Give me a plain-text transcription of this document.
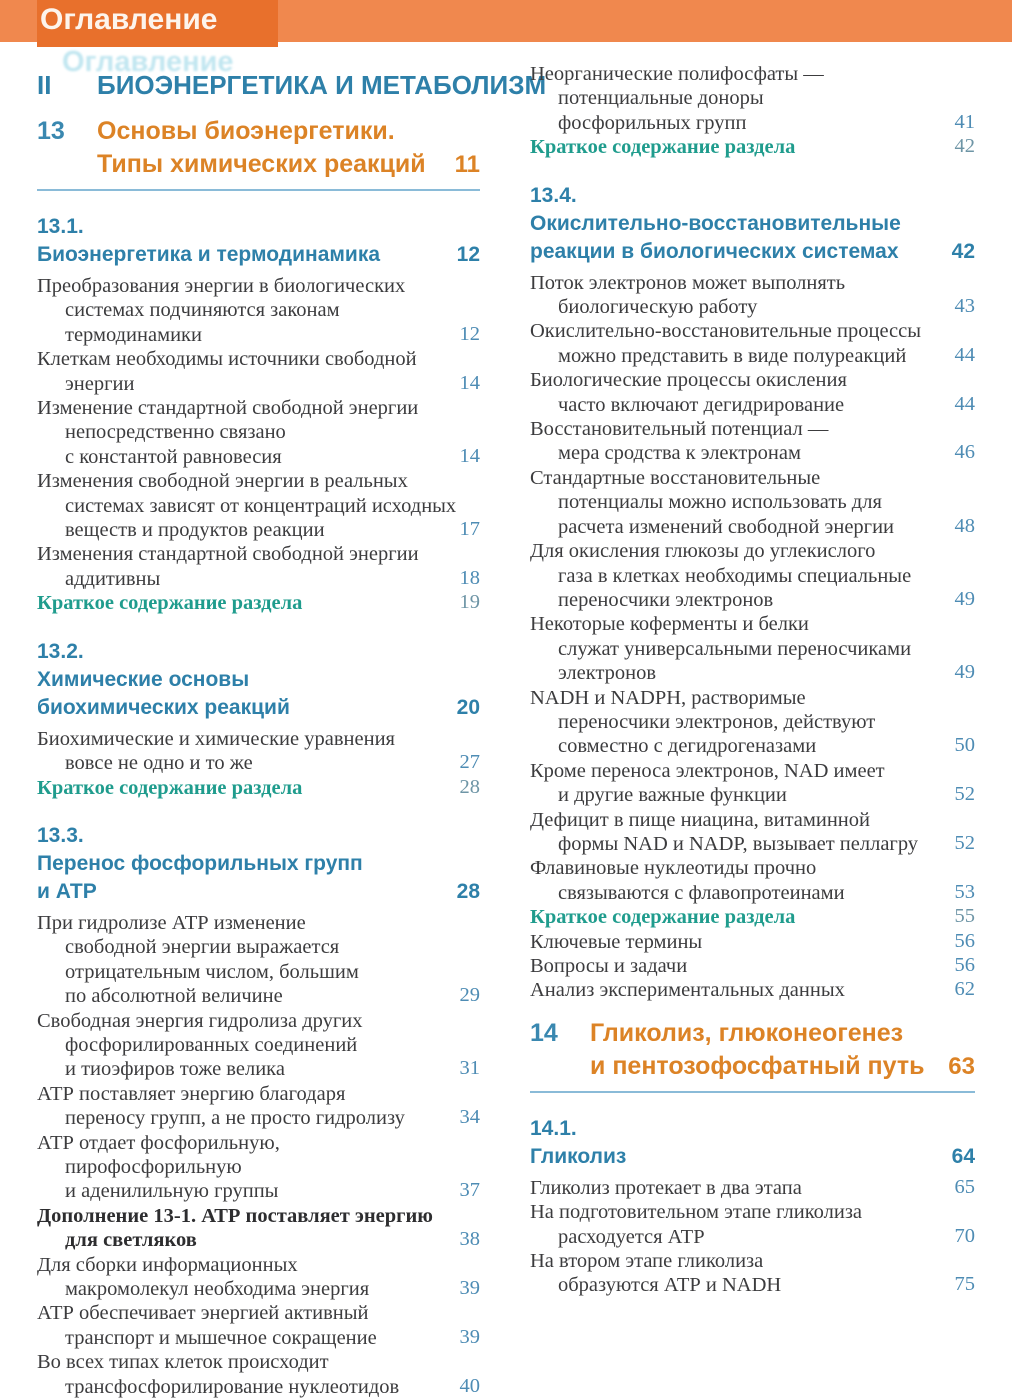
Оглавление
Оглавление
II	БИОЭНЕРГЕТИКА И МЕТАБОЛИЗМ
13	Основы биоэнергетики.
Типы химических реакций 11
13.1.
Биоэнергетика и термодинамика	12
Преобразования энергии в биологических
системах подчиняются законам
термодинамики	12
Клеткам необходимы источники свободной
энергии	14
Изменение стандартной свободной энергии
непосредственно связано
с константой равновесия	14
Изменения свободной энергии в реальных
системах зависят от концентраций исходных
веществ и продуктов реакции	17
Изменения стандартной свободной энергии
аддитивны	18
Краткое содержание раздела	19
13.2.
Химические основы
биохимических реакций	20
Биохимические и химические уравнения
вовсе не одно и то же	27
Краткое содержание раздела	28
13.3.
Перенос фосфорильных групп
и АТР	28
При гидролизе АТР изменение
свободной энергии выражается
отрицательным числом, большим
по абсолютной величине	29
Свободная энергия гидролиза других
фосфорилированных соединений
и тиоэфиров тоже велика	31
АТР поставляет энергию благодаря
переносу групп, а не просто гидролизу	34
АТР отдает фосфорильную,
пирофосфорильную
и аденилильную группы	37
Дополнение 13-1. АТР поставляет энергию
для светляков	38
Для сборки информационных
макромолекул необходима энергия	39
АТР обеспечивает энергией активный
транспорт и мышечное сокращение	39
Во всех типах клеток происходит
трансфосфорилирование нуклеотидов	40
Неорганические полифосфаты —
потенциальные доноры
фосфорильных групп	41
Краткое содержание раздела	42
13.4.
Окислительно-восстановительные
реакции в биологических системах	42
Поток электронов может выполнять
биологическую работу	43
Окислительно-восстановительные процессы
можно представить в виде полуреакций	44
Биологические процессы окисления
часто включают дегидрирование	44
Восстановительный потенциал —
мера сродства к электронам	46
Стандартные восстановительные
потенциалы можно использовать для
расчета изменений свободной энергии	48
Для окисления глюкозы до углекислого
газа в клетках необходимы специальные
переносчики электронов	49
Некоторые коферменты и белки
служат универсальными переносчиками
электронов	49
NADH и NADPH, растворимые
переносчики электронов, действуют
совместно с дегидрогеназами	50
Кроме переноса электронов, NAD имеет
и другие важные функции	52
Дефицит в пище ниацина, витаминной
формы NAD и NADP, вызывает пеллагру	52
Флавиновые нуклеотиды прочно
связываются с флавопротеинами	53
Краткое содержание раздела	55
Ключевые термины	56
Вопросы и задачи	56
Анализ экспериментальных данных	62
14	Гликолиз, глюконеогенез
и пентозофосфатный путь 63
14.1.
Гликолиз	64
Гликолиз протекает в два этапа	65
На подготовительном этапе гликолиза
расходуется АТР	70
На втором этапе гликолиза
образуются АТР и NADH	75
